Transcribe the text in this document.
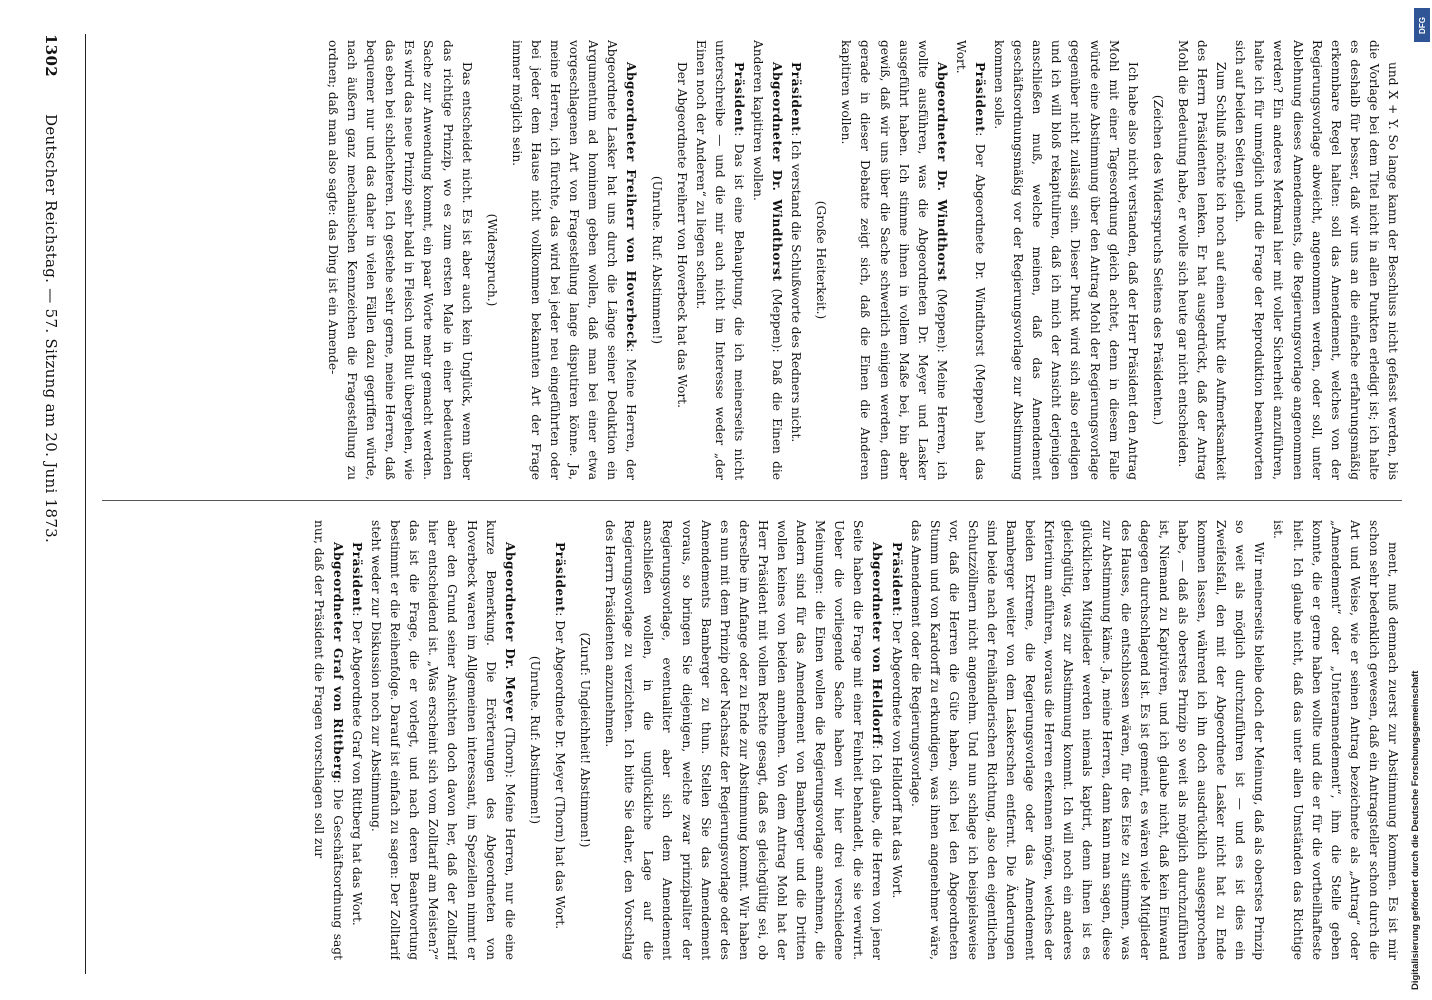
1302
Deutscher Reichstag. — 57. Sitzung am 20. Juni 1873.	und X + Y. So lange kann der Beschluss nicht gefasst werden, bis die Vorlage bei dem Titel nicht in allen Punkten erledigt ist; ich halte es deshalb für besser, daß wir uns an die einfache erfahrungsmäßig erkennbare Regel halten: soll das Amendement, welches von der Regierungsvorlage abweicht, angenommen werden, oder soll, unter Ablehnung dieses Amendements, die Regierungsvorlage angenommen werden? Ein anderes Merkmal hier mit voller Sicherheit anzuführen, halte ich für unmöglich und die Frage der Reproduktion beantworten sich auf beiden Seiten gleich.

Zum Schluß möchte ich noch auf einen Punkt die Aufmerksamkeit des Herrn Präsidenten lenken. Er hat ausgedrückt, daß der Antrag Mohl die Bedeutung habe, er wolle sich heute gar nicht entscheiden.

(Zeichen des Widerspruchs Seitens des Präsidenten.)

Ich habe also nicht verstanden, daß der Herr Präsident den Antrag Mohl mit einer Tagesordnung gleich achtet, denn in diesem Falle würde eine Abstimmung über den Antrag Mohl der Regierungsvorlage gegenüber nicht zulässig sein. Dieser Punkt wird sich also erledigen und ich will bloß rekapituliren, daß ich mich der Ansicht derjenigen anschließen muß, welche meinen, daß das Amendement geschäftsordnungsmäßig vor der Regierungsvorlage zur Abstimmung kommen solle.

Präsident: Der Abgeordnete Dr. Windthorst (Meppen) hat das Wort.

Abgeordneter Dr. Windthorst (Meppen): Meine Herren, ich wollte ausführen, was die Abgeordneten Dr. Meyer und Lasker ausgeführt haben. Ich stimme ihnen in vollem Maße bei, bin aber gewiß, daß wir uns über die Sache schwerlich einigen werden, denn gerade in dieser Debatte zeigt sich, daß die Einen die Anderen kapitiren wollen.

(Große Heiterkeit.)

Präsident: Ich verstand die Schlußworte des Redners nicht.

Abgeordneter Dr. Windthorst (Meppen): Daß die Einen die Anderen kapitiren wollen.

Präsident: Das ist eine Behauptung, die ich meinerseits nicht unterschreibe — und die mir auch nicht im Interesse weder „der Einen noch der Anderen“ zu liegen scheint.

Der Abgeordnete Freiherr von Hoverbeck hat das Wort.

(Unruhe. Ruf: Abstimmen!)

Abgeordneter Freiherr von Hoverbeck: Meine Herren, der Abgeordnete Lasker hat uns durch die Länge seiner Deduktion ein Argumentum ad hominem geben wollen, daß man bei einer etwa vorgeschlagenen Art von Fragestellung lange disputiren könne. Ja, meine Herren, ich fürchte, das wird bei jeder neu eingeführten oder bei jeder dem Hause nicht vollkommen bekannten Art der Frage immer möglich sein.

(Widerspruch.)

Das entscheidet nicht. Es ist aber auch kein Unglück, wenn über das richtige Prinzip, wo es zum ersten Male in einer bedeutenden Sache zur Anwendung kommt, ein paar Worte mehr gemacht werden. Es wird das neue Prinzip sehr bald in Fleisch und Blut übergehen, wie das eben bei schlechteren. Ich gestehe sehr gerne, meine Herren, daß bequemer nur und das daher in vielen Fällen dazu gegriffen würde, nach äußern ganz mechanischen Kennzeichen die Fragestellung zu ordnen; daß man also sagte: das Ding ist ein Amende-

ment, muß demnach zuerst zur Abstimmung kommen. Es ist mir schon sehr bedenklich gewesen, daß ein Antragsteller schon durch die Art und Weise, wie er seinen Antrag bezeichnete als „Antrag“ oder „Amendement“ oder „Unteramendement“, ihm die Stelle geben konnte, die er gerne haben wollte und die er für die vortheilhafteste hielt. Ich glaube nicht, daß das unter allen Umständen das Richtige ist.

Wir meinerseits bleibe doch der Meinung, daß als oberstes Prinzip so weit als möglich durchzuführen ist — und es ist dies ein Zweifelsfall, den mit der Abgeordnete Lasker nicht hat zu Ende kommen lassen, während ich ihn doch ausdrücklich ausgesprochen habe, — daß als oberstes Prinzip so weit als möglich durchzuführen ist, Niemand zu Kaptiviren, und ich glaube nicht, daß kein Einwand dagegen durchschlagend ist. Es ist gemeint, es wären viele Mitglieder des Hauses, die entschlossen wären, für des Eiste zu stimmen, was zur Abstimmung käme. Ja, meine Herren, dann kann man sagen, diese glücklichen Mitglieder werden niemals kaptirt, denn ihnen ist es gleichgültig, was zur Abstimmung kommt. Ich will noch ein anderes Kriterium anführen, woraus die Herren erkennen mögen, welches der beiden Extreme, die Regierungsvorlage oder das Amendement Bamberger weiter von dem Laskerschen entfernt. Die Änderungen sind beide nach der freihändlerischen Richtung, also den eigentlichen Schutzzöllnern nicht angenehm. Und nun schlage ich beispielsweise vor, daß die Herren die Güte haben, sich bei den Abgeordneten Stumm und von Kardorff zu erkundigen, was ihnen angenehmer wäre, das Amendement oder die Regierungsvorlage.

Präsident: Der Abgeordnete von Helldorff hat das Wort.

Abgeordneter von Helldorff: Ich glaube, die Herren von jener Seite haben die Frage mit einer Feinheit behandelt, die sie verwirrt. Ueber die vorliegende Sache haben wir hier drei verschiedene Meinungen: die Einen wollen die Regierungsvorlage annehmen, die Andern sind für das Amendement von Bamberger und die Dritten wollen keines von beiden annehmen. Von dem Antrag Mohl hat der Herr Präsident mit vollem Rechte gesagt, daß es gleichgültig sei, ob derselbe im Anfange oder zu Ende zur Abstimmung kommt. Wir haben es nun mit dem Prinzip oder Nachsatz der Regierungsvorlage oder des Amendements Bamberger zu thun. Stellen Sie das Amendement voraus, so bringen Sie diejenigen, welche zwar prinzipaliter der Regierungsvorlage, eventualiter aber sich dem Amendement anschließen wollen, in die unglückliche Lage auf die Regierungsvorlage zu verzichten. Ich bitte Sie daher, den Vorschlag des Herrn Präsidenten anzunehmen.

(Zuruf: Ungleichheit! Abstimmen!)

Präsident: Der Abgeordnete Dr. Meyer (Thorn) hat das Wort.

(Unruhe. Ruf: Abstimmen!)

Abgeordneter Dr. Meyer (Thorn): Meine Herren, nur die eine kurze Bemerkung. Die Erörterungen des Abgeordneten von Hoverbeck waren im Allgemeinen interessant, im Speziellen nimmt er aber den Grund seiner Ansichten doch davon her, daß der Zolltarif hier entscheidend ist. „Was erscheint sich vom Zolltarif am Meisten?“ das ist die Frage, die er vorlegt, und nach deren Beantwortung bestimmt er die Reihenfolge. Darauf ist einfach zu sagen: Der Zolltarif steht weder zur Diskussion noch zur Abstimmung.

Präsident: Der Abgeordnete Graf von Rittberg hat das Wort.

Abgeordneter Graf von Rittberg: Die Geschäftsordnung sagt nur, daß der Präsident die Fragen vorschlagen soll zur	Digitalisierung gefördert durch die Deutsche Forschungsgemeinschaft
DFG
